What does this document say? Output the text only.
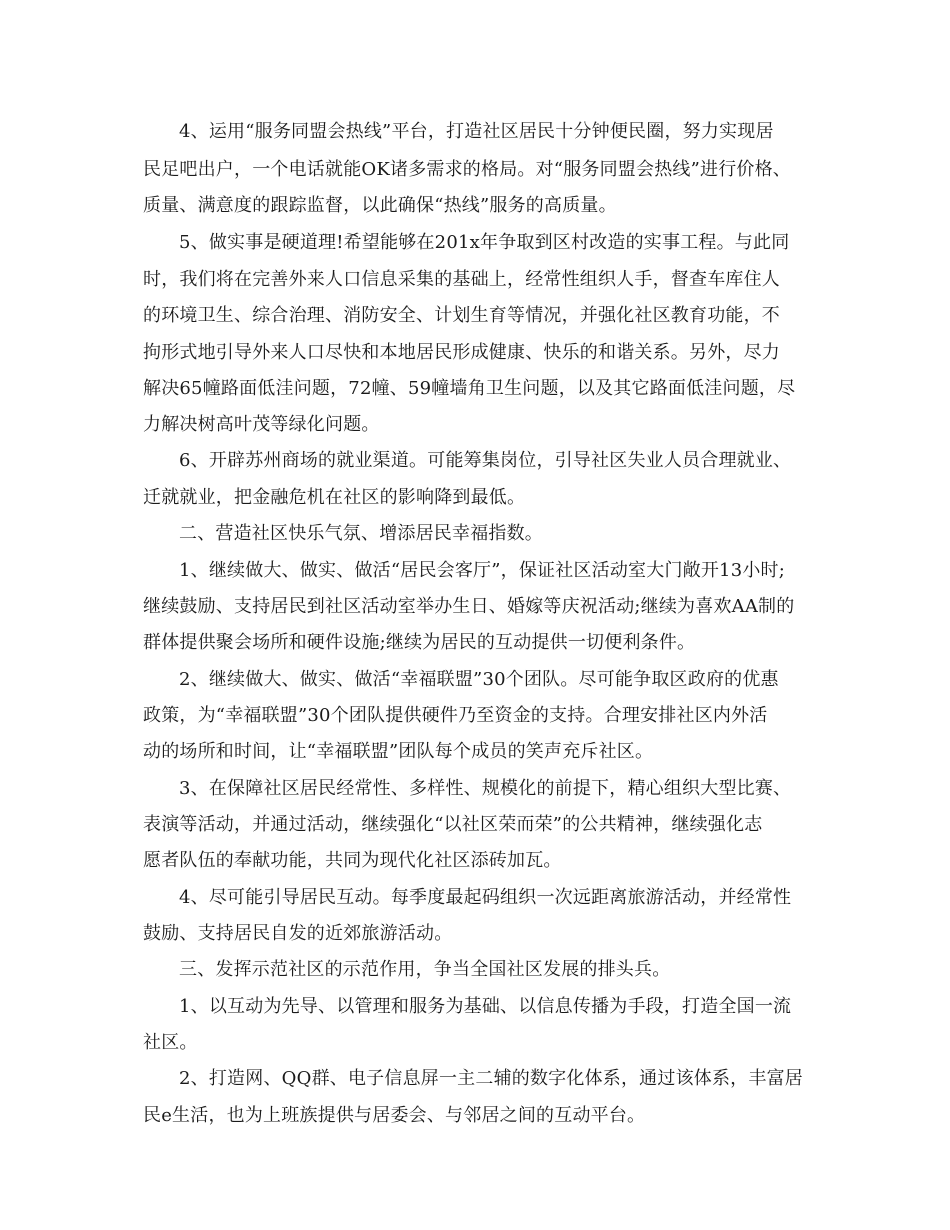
4、运用“服务同盟会热线”平台，打造社区居民十分钟便民圈，努力实现居
民足吧出户，一个电话就能OK诸多需求的格局。对“服务同盟会热线”进行价格、
质量、满意度的跟踪监督，以此确保“热线”服务的高质量。
5、做实事是硬道理!希望能够在201x年争取到区村改造的实事工程。与此同
时，我们将在完善外来人口信息采集的基础上，经常性组织人手，督查车库住人
的环境卫生、综合治理、消防安全、计划生育等情况，并强化社区教育功能，不
拘形式地引导外来人口尽快和本地居民形成健康、快乐的和谐关系。另外，尽力
解决65幢路面低洼问题，72幢、59幢墙角卫生问题，以及其它路面低洼问题，尽
力解决树高叶茂等绿化问题。
6、开辟苏州商场的就业渠道。可能筹集岗位，引导社区失业人员合理就业、
迁就就业，把金融危机在社区的影响降到最低。
二、营造社区快乐气氛、增添居民幸福指数。
1、继续做大、做实、做活“居民会客厅”，保证社区活动室大门敞开13小时;
继续鼓励、支持居民到社区活动室举办生日、婚嫁等庆祝活动;继续为喜欢AA制的
群体提供聚会场所和硬件设施;继续为居民的互动提供一切便利条件。
2、继续做大、做实、做活“幸福联盟”30个团队。尽可能争取区政府的优惠
政策，为“幸福联盟”30个团队提供硬件乃至资金的支持。合理安排社区内外活
动的场所和时间，让“幸福联盟”团队每个成员的笑声充斥社区。
3、在保障社区居民经常性、多样性、规模化的前提下，精心组织大型比赛、
表演等活动，并通过活动，继续强化“以社区荣而荣”的公共精神，继续强化志
愿者队伍的奉献功能，共同为现代化社区添砖加瓦。
4、尽可能引导居民互动。每季度最起码组织一次远距离旅游活动，并经常性
鼓励、支持居民自发的近郊旅游活动。
三、发挥示范社区的示范作用，争当全国社区发展的排头兵。
1、以互动为先导、以管理和服务为基础、以信息传播为手段，打造全国一流
社区。
2、打造网、QQ群、电子信息屏一主二辅的数字化体系，通过该体系，丰富居
民e生活，也为上班族提供与居委会、与邻居之间的互动平台。
